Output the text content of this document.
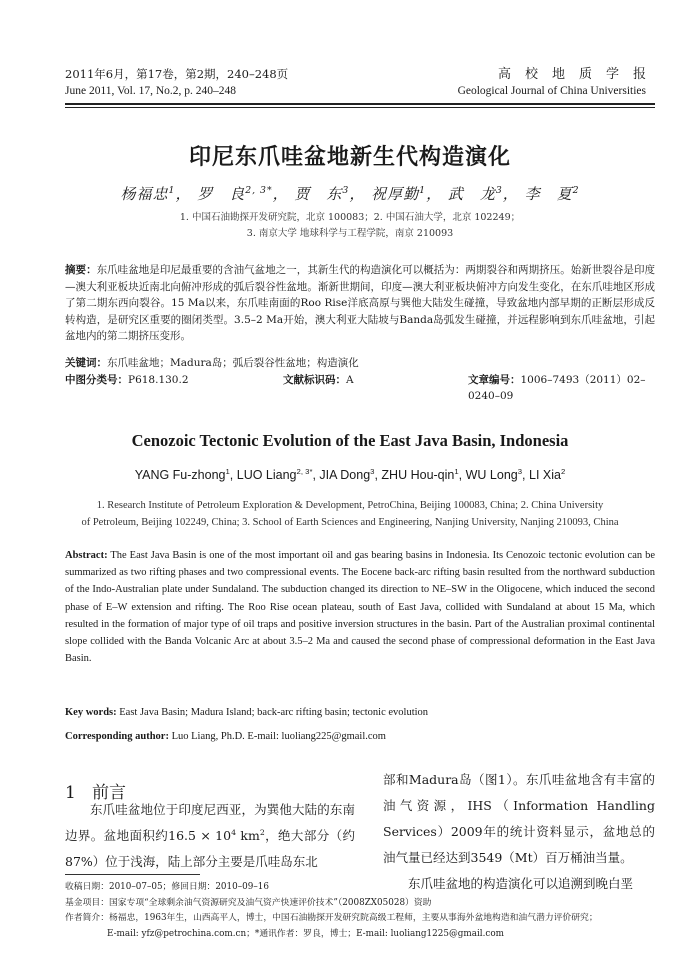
2011年6月，第17卷，第2期，240–248页
June 2011, Vol. 17, No.2, p. 240–248
高校地质学报
Geological Journal of China Universities
印尼东爪哇盆地新生代构造演化
杨福忠$^1$， 罗　良$^{2, 3*}$， 贾　东$^3$， 祝厚勤$^1$， 武　龙$^3$， 李　夏$^2$
1. 中国石油勘探开发研究院，北京 100083；2. 中国石油大学，北京 102249；
3. 南京大学 地球科学与工程学院，南京 210093
摘要：东爪哇盆地是印尼最重要的含油气盆地之一，其新生代的构造演化可以概括为：两期裂谷和两期挤压。始新世裂谷是印度—澳大利亚板块近南北向俯冲形成的弧后裂谷性盆地。渐新世期间，印度—澳大利亚板块俯冲方向发生变化，在东爪哇地区形成了第二期东西向裂谷。15 Ma以来，东爪哇南面的Roo Rise洋底高原与巽他大陆发生碰撞，导致盆地内部早期的正断层形成反转构造，是研究区重要的圈闭类型。3.5–2 Ma开始，澳大利亚大陆坡与Banda岛弧发生碰撞，并远程影响到东爪哇盆地，引起盆地内的第二期挤压变形。
关键词：东爪哇盆地；Madura岛；弧后裂谷性盆地；构造演化
中图分类号：P618.130.2	文献标识码：A	文章编号：1006–7493（2011）02–0240–09
Cenozoic Tectonic Evolution of the East Java Basin, Indonesia
YANG Fu-zhong$^1$, LUO Liang$^{2, 3*}$, JIA Dong$^3$, ZHU Hou-qin$^1$, WU Long$^3$, LI Xia$^2$
1. Research Institute of Petroleum Exploration & Development, PetroChina, Beijing 100083, China; 2. China University
of Petroleum, Beijing 102249, China; 3. School of Earth Sciences and Engineering, Nanjing University, Nanjing 210093, China
Abstract: The East Java Basin is one of the most important oil and gas bearing basins in Indonesia. Its Cenozoic tectonic evolution can be summarized as two rifting phases and two compressional events. The Eocene back-arc rifting basin resulted from the northward subduction of the Indo-Australian plate under Sundaland. The subduction changed its direction to NE–SW in the Oligocene, which induced the second phase of E–W extension and rifting. The Roo Rise ocean plateau, south of East Java, collided with Sundaland at about 15 Ma, which resulted in the formation of major type of oil traps and positive inversion structures in the basin. Part of the Australian proximal continental slope collided with the Banda Volcanic Arc at about 3.5–2 Ma and caused the second phase of compressional deformation in the East Java Basin.
Key words: East Java Basin; Madura Island; back-arc rifting basin; tectonic evolution
Corresponding author: Luo Liang, Ph.D. E-mail: luoliang225@gmail.com
1 前言
东爪哇盆地位于印度尼西亚，为巽他大陆的东南边界。盆地面积约$16.5 \times 10^4$ $km^2$，绝大部分（约87%）位于浅海，陆上部分主要是爪哇岛东北
部和Madura岛（图1）。东爪哇盆地含有丰富的油气资源，IHS（Information Handling Services）2009年的统计资料显示，盆地总的油气量已经达到3549（Mt）百万桶油当量。
东爪哇盆地的构造演化可以追溯到晚白垩
收稿日期：2010–07–05；修回日期：2010–09–16
基金项目：国家专项“全球剩余油气资源研究及油气资产快速评价技术”（2008ZX05028）资助
作者简介：杨福忠，1963年生，山西高平人，博士，中国石油勘探开发研究院高级工程师，主要从事海外盆地构造和油气潜力评价研究；
E-mail: yfz@petrochina.com.cn；*通讯作者：罗良，博士；E-mail: luoliang1225@gmail.com
